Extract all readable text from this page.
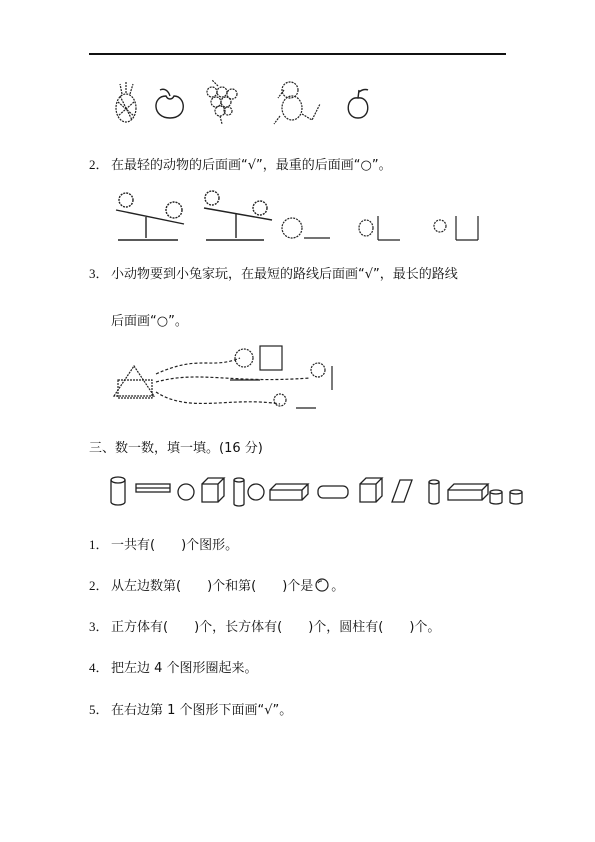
2． 在最轻的动物的后面画“√”，最重的后面画“○”。
3． 小动物要到小兔家玩，在最短的路线后面画“√”，最长的路线
后面画“○”。
三、数一数，填一填。(16 分)
1． 一共有(　　)个图形。
2． 从左边数第(　　)个和第(　　)个是 。
3． 正方体有(　　)个，长方体有(　　)个，圆柱有(　　)个。
4． 把左边 4 个图形圈起来。
5． 在右边第 1 个图形下面画“√”。
